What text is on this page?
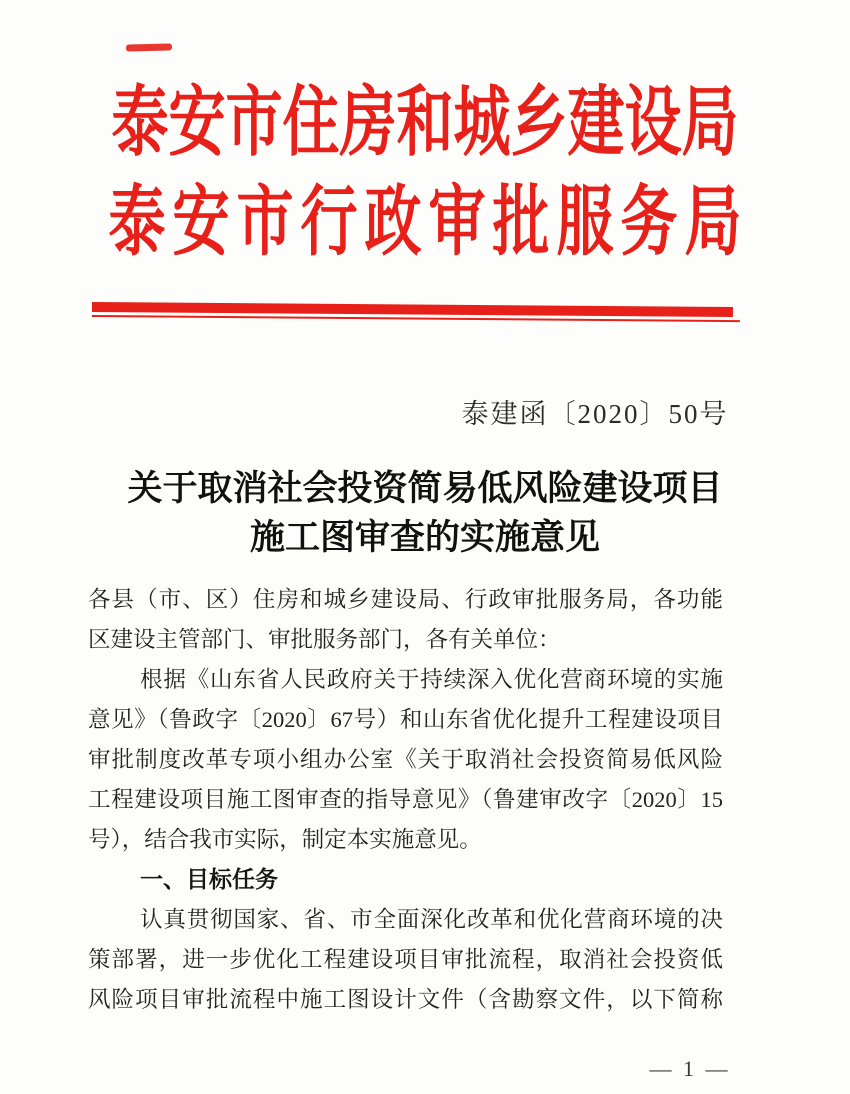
泰安市住房和城乡建设局
泰安市行政审批服务局
泰建函〔2020〕50号
关于取消社会投资简易低风险建设项目
施工图审查的实施意见
各县（市、区）住房和城乡建设局、行政审批服务局，各功能
区建设主管部门、审批服务部门，各有关单位：
根据《山东省人民政府关于持续深入优化营商环境的实施
意见》（鲁政字〔2020〕67号）和山东省优化提升工程建设项目
审批制度改革专项小组办公室《关于取消社会投资简易低风险
工程建设项目施工图审查的指导意见》（鲁建审改字〔2020〕15
号），结合我市实际，制定本实施意见。
一、目标任务
认真贯彻国家、省、市全面深化改革和优化营商环境的决
策部署，进一步优化工程建设项目审批流程，取消社会投资低
风险项目审批流程中施工图设计文件（含勘察文件，以下简称
— 1 —
